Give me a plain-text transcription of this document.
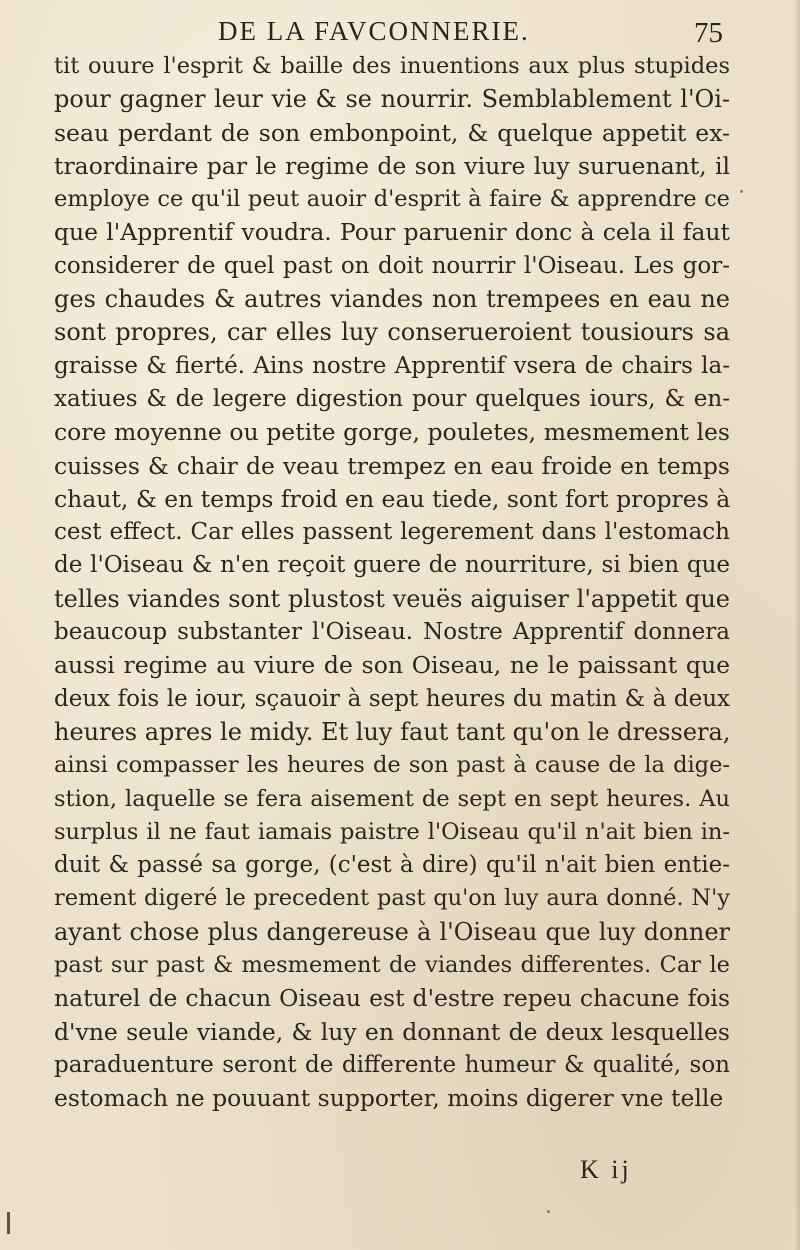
DE LA FAVCONNERIE.	75
tit ouure l'esprit & baille des inuentions aux plus stupides
pour gagner leur vie & se nourrir. Semblablement l'Oi-
seau perdant de son embonpoint, & quelque appetit ex-
traordinaire par le regime de son viure luy suruenant, il
employe ce qu'il peut auoir d'esprit à faire & apprendre ce
que l'Apprentif voudra. Pour paruenir donc à cela il faut
considerer de quel past on doit nourrir l'Oiseau. Les gor-
ges chaudes & autres viandes non trempees en eau ne
sont propres, car elles luy conserueroient tousiours sa
graisse & fierté. Ains nostre Apprentif vsera de chairs la-
xatiues & de legere digestion pour quelques iours, & en-
core moyenne ou petite gorge, pouletes, mesmement les
cuisses & chair de veau trempez en eau froide en temps
chaut, & en temps froid en eau tiede, sont fort propres à
cest effect. Car elles passent legerement dans l'estomach
de l'Oiseau & n'en reçoit guere de nourriture, si bien que
telles viandes sont plustost veuës aiguiser l'appetit que
beaucoup substanter l'Oiseau. Nostre Apprentif donnera
aussi regime au viure de son Oiseau, ne le paissant que
deux fois le iour, sçauoir à sept heures du matin & à deux
heures apres le midy. Et luy faut tant qu'on le dressera,
ainsi compasser les heures de son past à cause de la dige-
stion, laquelle se fera aisement de sept en sept heures. Au
surplus il ne faut iamais paistre l'Oiseau qu'il n'ait bien in-
duit & passé sa gorge, (c'est à dire) qu'il n'ait bien entie-
rement digeré le precedent past qu'on luy aura donné. N'y
ayant chose plus dangereuse à l'Oiseau que luy donner
past sur past & mesmement de viandes differentes. Car le
naturel de chacun Oiseau est d'estre repeu chacune fois
d'vne seule viande, & luy en donnant de deux lesquelles
paraduenture seront de differente humeur & qualité, son
estomach ne pouuant supporter, moins digerer vne telle
K ij
